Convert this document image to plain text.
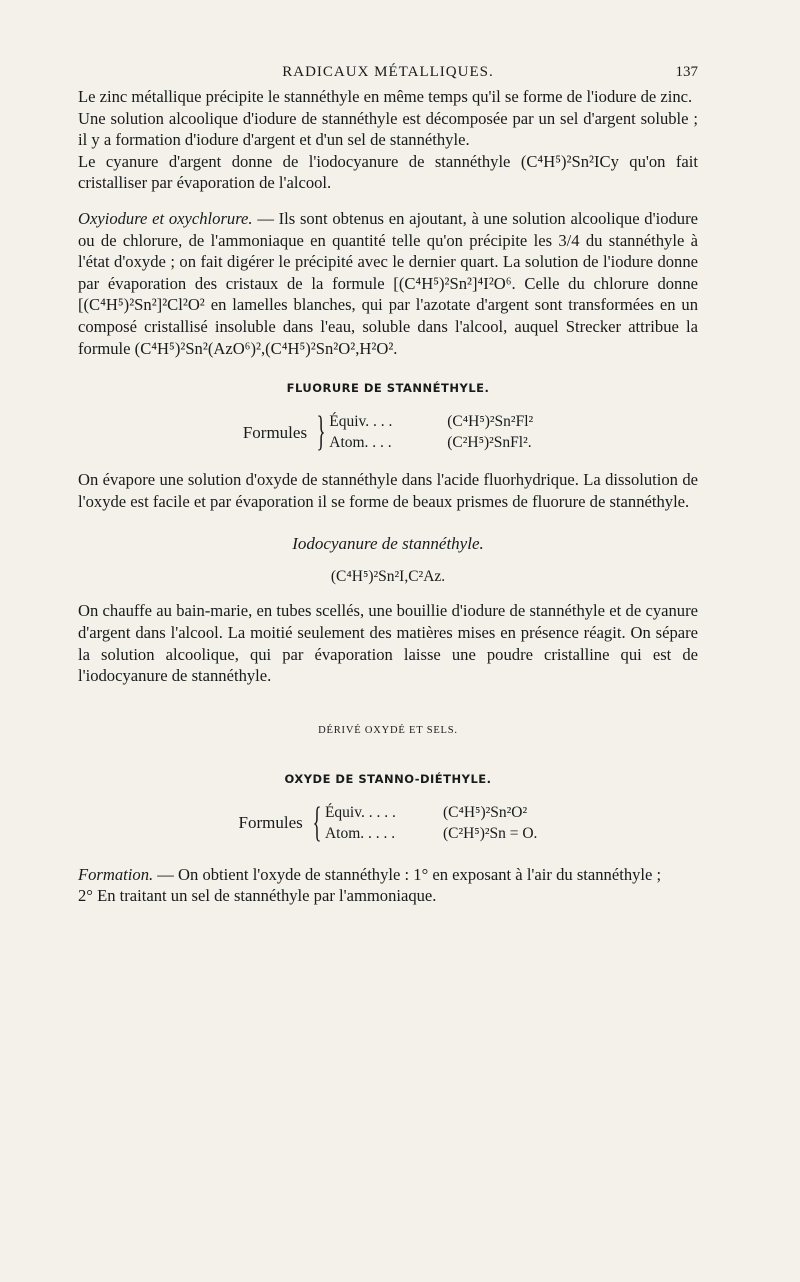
RADICAUX MÉTALLIQUES.	137

Le zinc métallique précipite le stannéthyle en même temps qu'il se forme de l'iodure de zinc.

Une solution alcoolique d'iodure de stannéthyle est décomposée par un sel d'argent soluble ; il y a formation d'iodure d'argent et d'un sel de stannéthyle.

Le cyanure d'argent donne de l'iodocyanure de stannéthyle (C⁴H⁵)²Sn²ICy qu'on fait cristalliser par évaporation de l'alcool.

Oxyiodure et oxychlorure. — Ils sont obtenus en ajoutant, à une solution alcoolique d'iodure ou de chlorure, de l'ammoniaque en quantité telle qu'on précipite les 3/4 du stannéthyle à l'état d'oxyde ; on fait digérer le précipité avec le dernier quart. La solution de l'iodure donne par évaporation des cristaux de la formule [(C⁴H⁵)²Sn²]⁴I²O⁶. Celle du chlorure donne [(C⁴H⁵)²Sn²]²Cl²O² en lamelles blanches, qui par l'azotate d'argent sont transformées en un composé cristallisé insoluble dans l'eau, soluble dans l'alcool, auquel Strecker attribue la formule (C⁴H⁵)²Sn²(AzO⁶)²,(C⁴H⁵)²Sn²O²,H²O².

FLUORURE DE STANNÉTHYLE.
Formules } Équiv. . . .	(C⁴H⁵)²Sn²Fl²
Atom. . . .	(C²H⁵)²SnFl².

On évapore une solution d'oxyde de stannéthyle dans l'acide fluorhydrique. La dissolution de l'oxyde est facile et par évaporation il se forme de beaux prismes de fluorure de stannéthyle.

Iodocyanure de stannéthyle.
(C⁴H⁵)²Sn²I,C²Az.

On chauffe au bain-marie, en tubes scellés, une bouillie d'iodure de stannéthyle et de cyanure d'argent dans l'alcool. La moitié seulement des matières mises en présence réagit. On sépare la solution alcoolique, qui par évaporation laisse une poudre cristalline qui est de l'iodocyanure de stannéthyle.

DÉRIVÉ OXYDÉ ET SELS.
OXYDE DE STANNO-DIÉTHYLE.
Formules { Équiv. . . . .	(C⁴H⁵)²Sn²O²
Atom. . . . .	(C²H⁵)²Sn = O.

Formation. — On obtient l'oxyde de stannéthyle : 1° en exposant à l'air du stannéthyle ;

2° En traitant un sel de stannéthyle par l'ammoniaque.
